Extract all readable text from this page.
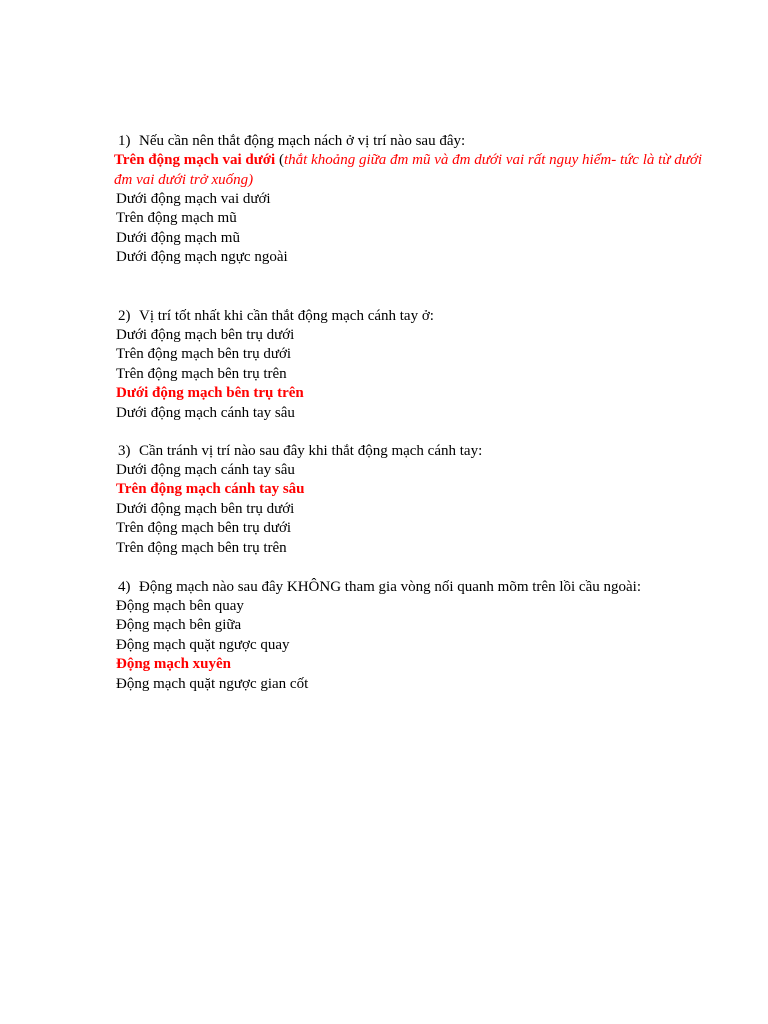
1) Nếu cần nên thắt động mạch nách ở vị trí nào sau đây:
Trên động mạch vai dưới (thắt khoảng giữa đm mũ và đm dưới vai rất nguy hiểm- tức là từ dưới đm vai dưới trở xuống)
Dưới động mạch vai dưới
Trên động mạch mũ
Dưới động mạch mũ
Dưới động mạch ngực ngoài
2) Vị trí tốt nhất khi cần thắt động mạch cánh tay ở:
Dưới động mạch bên trụ dưới
Trên động mạch bên trụ dưới
Trên động mạch bên trụ trên
Dưới động mạch bên trụ trên
Dưới động mạch cánh tay sâu
3) Cần tránh vị trí nào sau đây khi thắt động mạch cánh tay:
Dưới động mạch cánh tay sâu
Trên động mạch cánh tay sâu
Dưới động mạch bên trụ dưới
Trên động mạch bên trụ dưới
Trên động mạch bên trụ trên
4) Động mạch nào sau đây KHÔNG tham gia vòng nối quanh mõm trên lồi cầu ngoài:
Động mạch bên quay
Động mạch bên giữa
Động mạch quặt ngược quay
Động mạch xuyên
Động mạch quặt ngược gian cốt
